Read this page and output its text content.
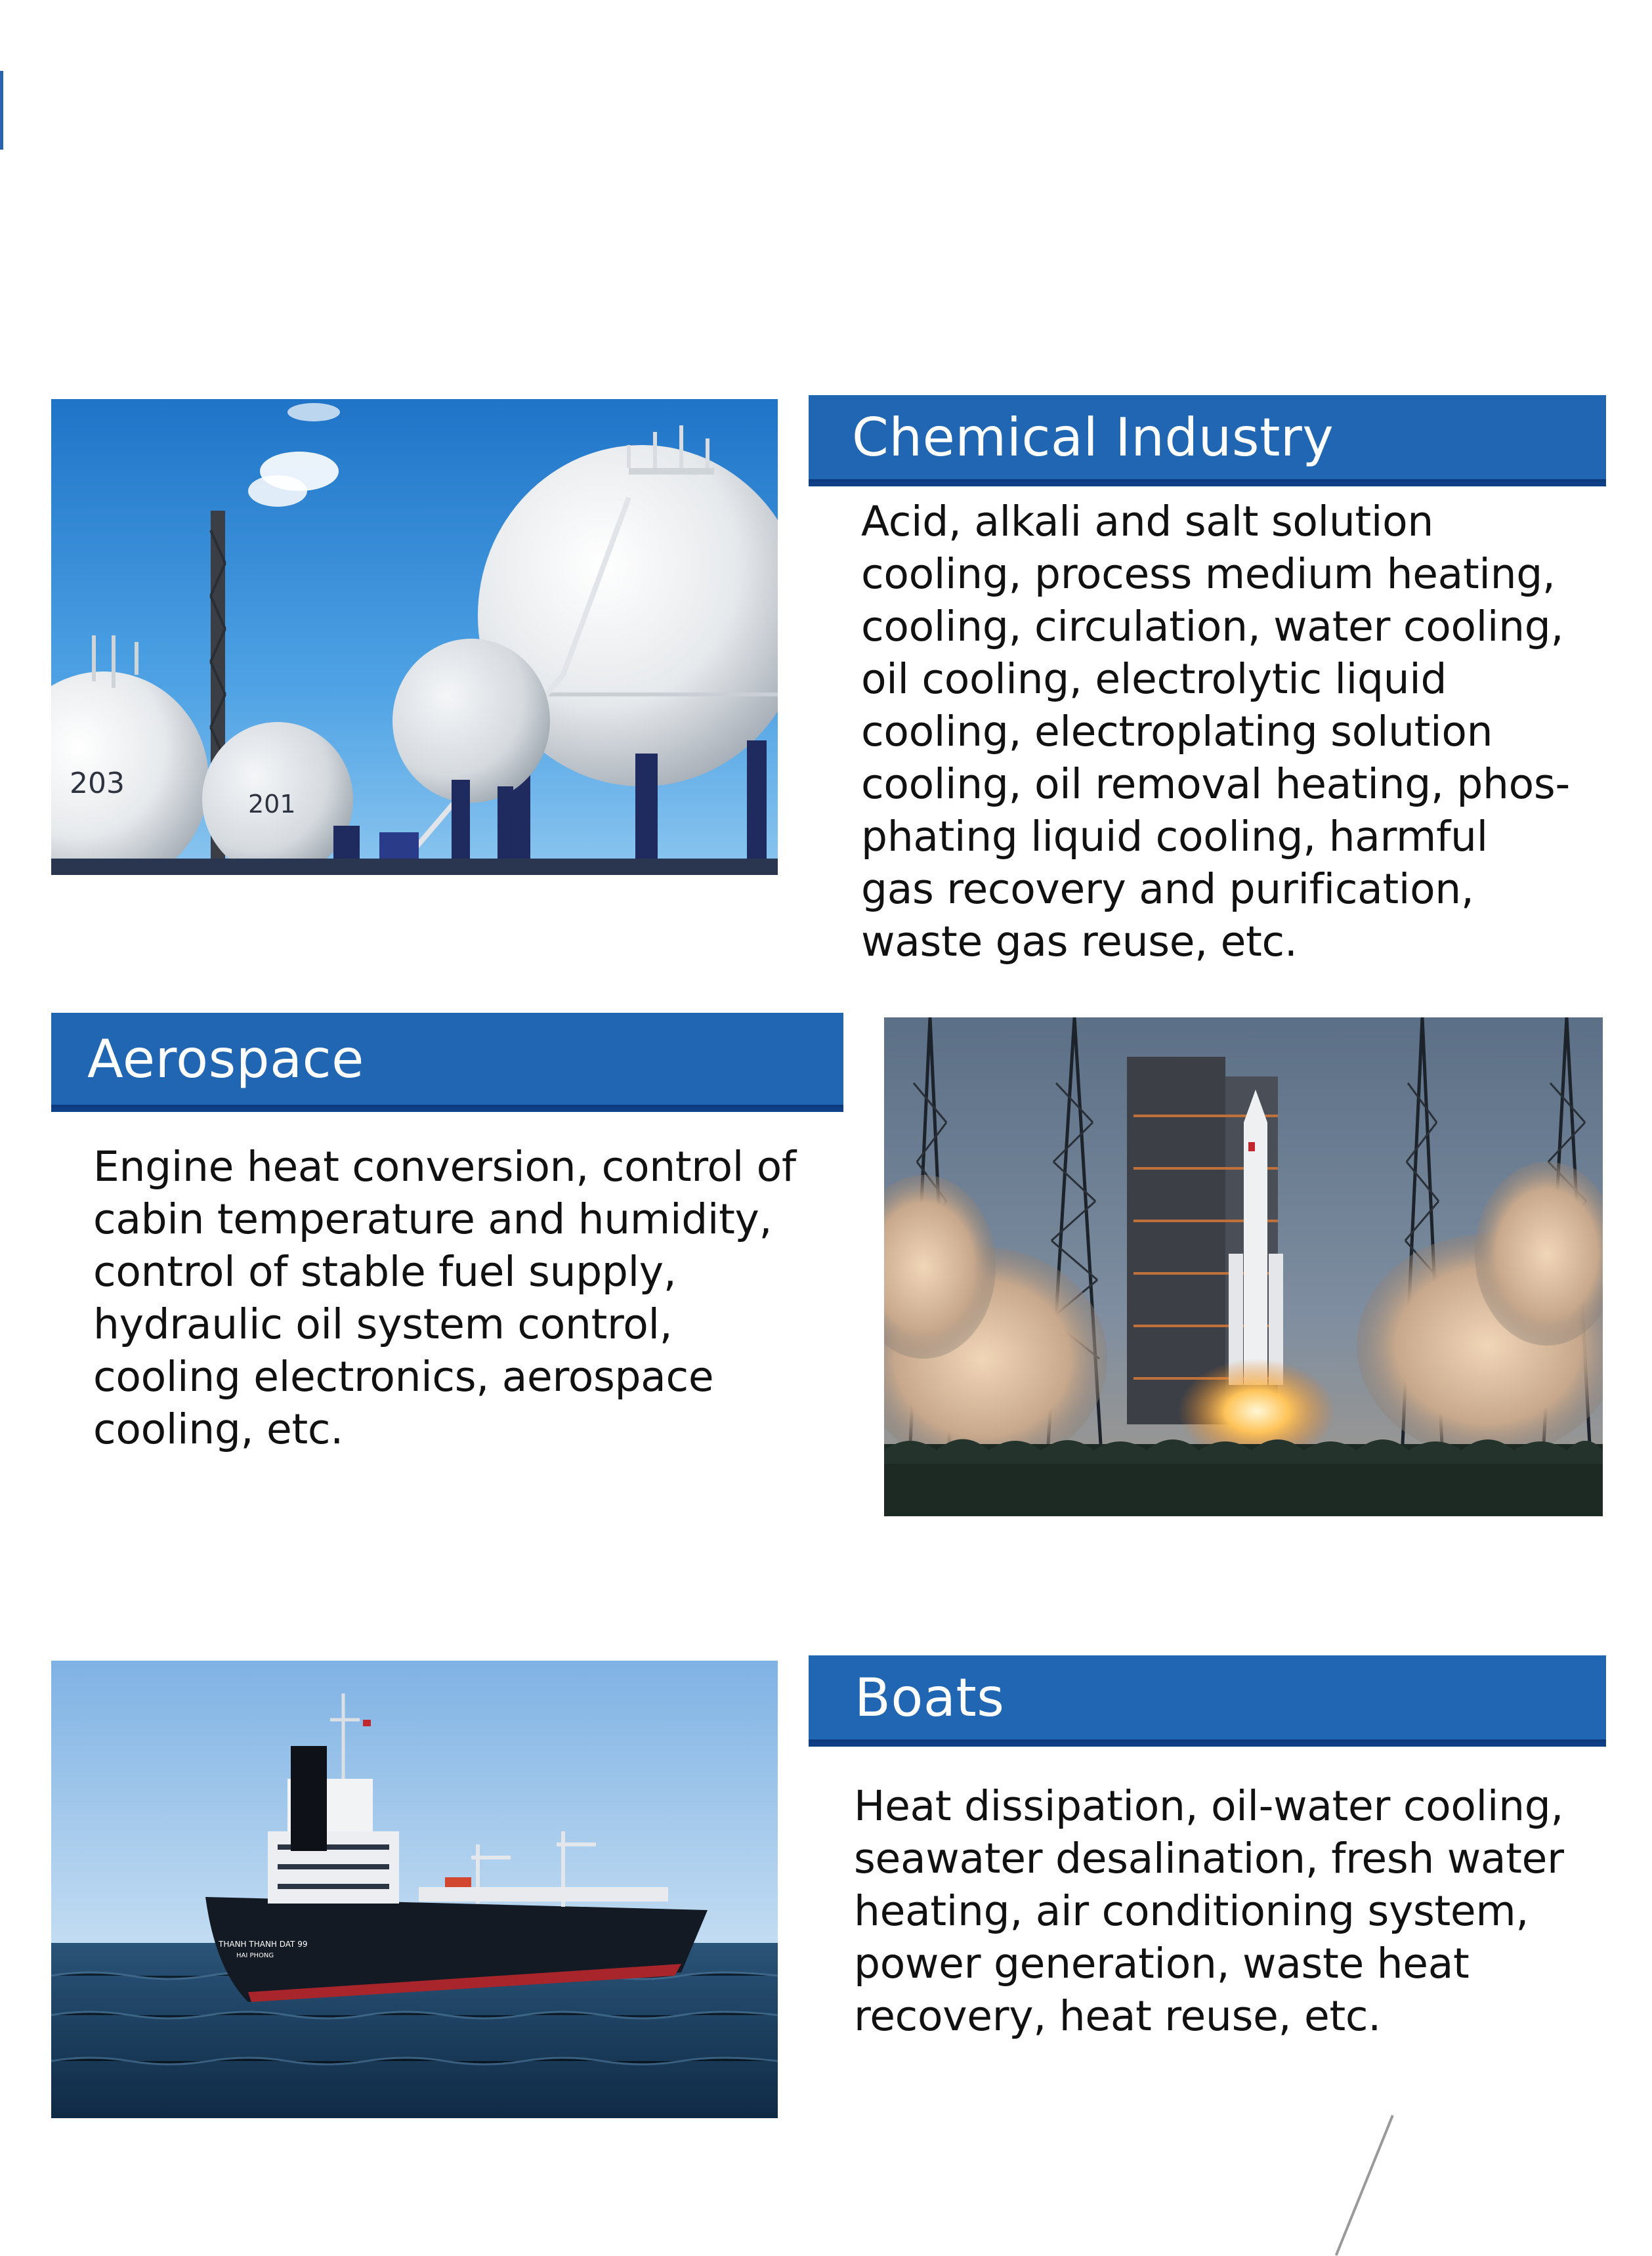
203
201
Chemical Industry
Acid, alkali and salt solution
cooling, process medium heating,
cooling, circulation, water cooling,
oil cooling, electrolytic liquid
cooling, electroplating solution
cooling, oil removal heating, phos-
phating liquid cooling, harmful
gas recovery and purification,
waste gas reuse, etc.
Aerospace
Engine heat conversion, control of
cabin temperature and humidity,
control of stable fuel supply,
hydraulic oil system control,
cooling electronics, aerospace
cooling, etc.
THANH THANH DAT 99
HAI PHONG
Boats
Heat dissipation, oil-water cooling,
seawater desalination, fresh water
heating, air conditioning system,
power generation, waste heat
recovery, heat reuse, etc.
